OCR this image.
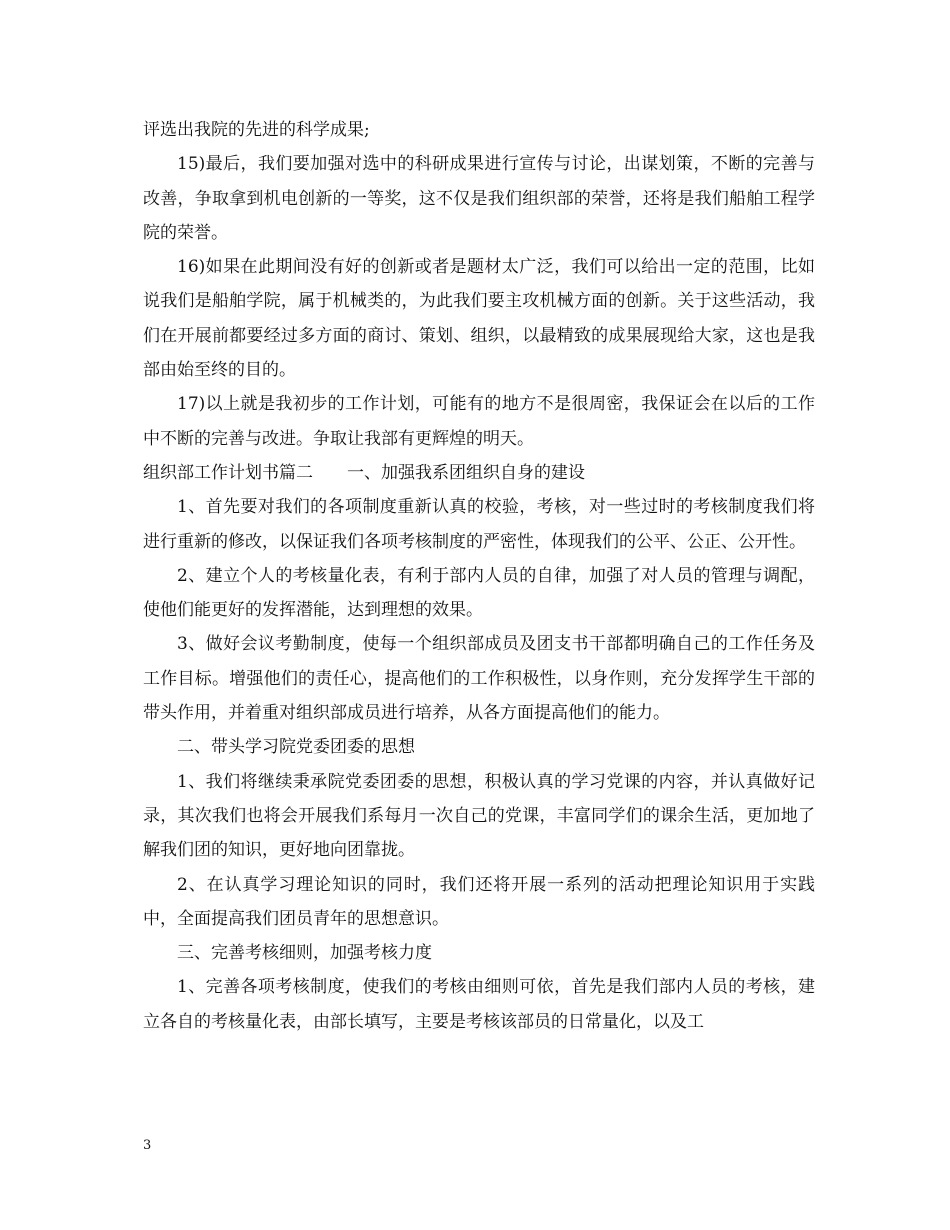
评选出我院的先进的科学成果;

15)最后，我们要加强对选中的科研成果进行宣传与讨论，出谋划策，不断的完善与改善，争取拿到机电创新的一等奖，这不仅是我们组织部的荣誉，还将是我们船舶工程学院的荣誉。

16)如果在此期间没有好的创新或者是题材太广泛，我们可以给出一定的范围，比如说我们是船舶学院，属于机械类的，为此我们要主攻机械方面的创新。关于这些活动，我们在开展前都要经过多方面的商讨、策划、组织，以最精致的成果展现给大家，这也是我部由始至终的目的。

17)以上就是我初步的工作计划，可能有的地方不是很周密，我保证会在以后的工作中不断的完善与改进。争取让我部有更辉煌的明天。

组织部工作计划书篇二 一、加强我系团组织自身的建设

1、首先要对我们的各项制度重新认真的校验，考核，对一些过时的考核制度我们将进行重新的修改，以保证我们各项考核制度的严密性，体现我们的公平、公正、公开性。

2、建立个人的考核量化表，有利于部内人员的自律，加强了对人员的管理与调配，使他们能更好的发挥潜能，达到理想的效果。

3、做好会议考勤制度，使每一个组织部成员及团支书干部都明确自己的工作任务及工作目标。增强他们的责任心，提高他们的工作积极性，以身作则，充分发挥学生干部的带头作用，并着重对组织部成员进行培养，从各方面提高他们的能力。

二、带头学习院党委团委的思想

1、我们将继续秉承院党委团委的思想，积极认真的学习党课的内容，并认真做好记录，其次我们也将会开展我们系每月一次自己的党课，丰富同学们的课余生活，更加地了解我们团的知识，更好地向团靠拢。

2、在认真学习理论知识的同时，我们还将开展一系列的活动把理论知识用于实践中，全面提高我们团员青年的思想意识。

三、完善考核细则，加强考核力度

1、完善各项考核制度，使我们的考核由细则可依，首先是我们部内人员的考核，建立各自的考核量化表，由部长填写，主要是考核该部员的日常量化，以及工

3
